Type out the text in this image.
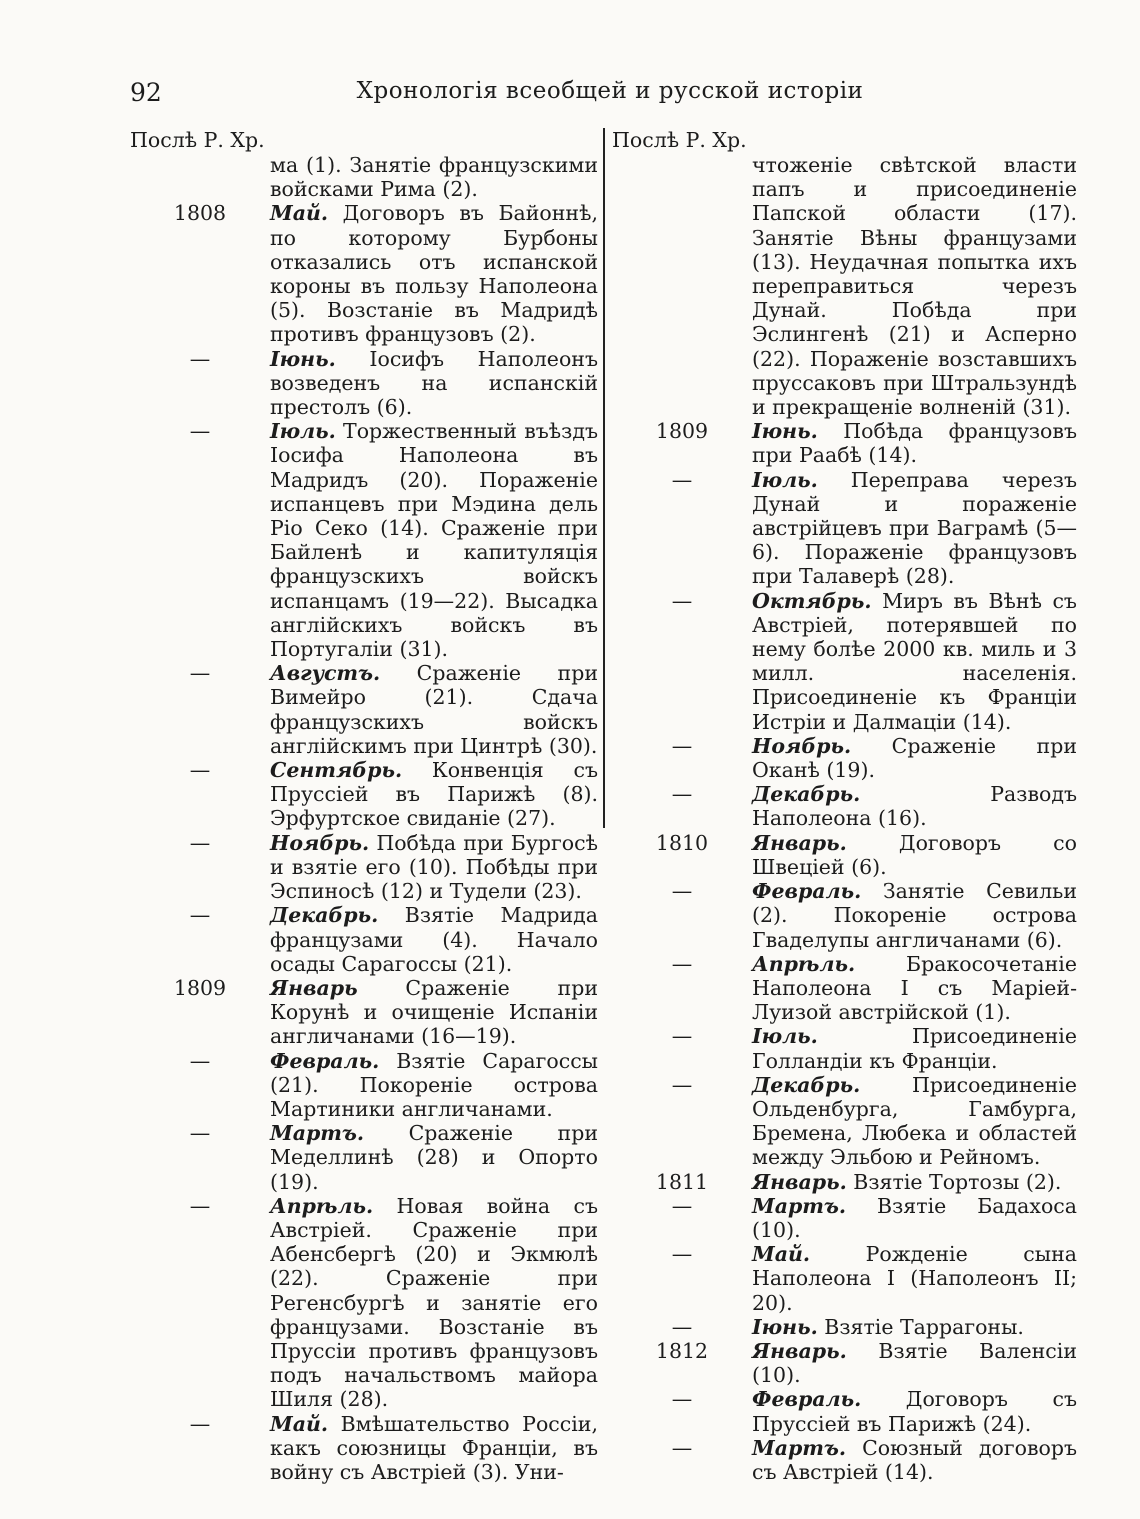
92	Хронологія всеобщей и русской исторіи
Послѣ Р. Хр.

ма (1). Занятіе французскими войсками Рима (2).

1808	Май. Договоръ въ Байоннѣ, по которому Бурбоны отказались отъ испанской короны въ пользу Наполеона (5). Возстаніе въ Мадридѣ противъ французовъ (2).

—	Іюнь. Іосифъ Наполеонъ возведенъ на испанскій престолъ (6).

—	Іюль. Торжественный въѣздъ Іосифа Наполеона въ Мадридъ (20). Пораженіе испанцевъ при Мэдина дель Ріо Секо (14). Сраженіе при Байленѣ и капитуляція французскихъ войскъ испанцамъ (19—22). Высадка англійскихъ войскъ въ Португаліи (31).

—	Августъ. Сраженіе при Вимейро (21). Сдача французскихъ войскъ англійскимъ при Цинтрѣ (30).

—	Сентябрь. Конвенція съ Пруссіей въ Парижѣ (8). Эрфуртское свиданіе (27).

—	Ноябрь. Побѣда при Бургосѣ и взятіе его (10). Побѣды при Эспиносѣ (12) и Тудели (23).

—	Декабрь. Взятіе Мадрида французами (4). Начало осады Сарагоссы (21).

1809	Январь Сраженіе при Корунѣ и очищеніе Испаніи англичанами (16—19).

—	Февраль. Взятіе Сарагоссы (21). Покореніе острова Мартиники англичанами.

—	Мартъ. Сраженіе при Меделлинѣ (28) и Опорто (19).

—	Апрѣль. Новая война съ Австріей. Сраженіе при Абенсбергѣ (20) и Экмюлѣ (22). Сраженіе при Регенсбургѣ и занятіе его французами. Возстаніе въ Пруссіи противъ французовъ подъ начальствомъ майора Шиля (28).

—	Май. Вмѣшательство Россіи, какъ союзницы Франціи, въ войну съ Австріей (3). Уни-

Послѣ Р. Хр.

чтоженіе свѣтской власти папъ и присоединеніе Папской области (17). Занятіе Вѣны французами (13). Неудачная попытка ихъ переправиться черезъ Дунай. Побѣда при Эслингенѣ (21) и Асперно (22). Пораженіе возставшихъ пруссаковъ при Штральзундѣ и прекращеніе волненій (31).

1809	Іюнь. Побѣда французовъ при Раабѣ (14).

—	Іюль. Переправа черезъ Дунай и пораженіе австрійцевъ при Ваграмѣ (5—6). Пораженіе французовъ при Талаверѣ (28).

—	Октябрь. Миръ въ Вѣнѣ съ Австріей, потерявшей по нему болѣе 2000 кв. миль и 3 милл. населенія. Присоединеніе къ Франціи Истріи и Далмаціи (14).

—	Ноябрь. Сраженіе при Оканѣ (19).

—	Декабрь.	Разводъ Наполеона (16).

1810	Январь.	Договоръ со Швеціей (6).

—	Февраль. Занятіе Севильи (2). Покореніе острова Гваделупы англичанами (6).

—	Апрѣль. Бракосочетаніе Наполеона I съ Маріей-Луизой австрійской (1).

—	Іюль.	Присоединеніе Голландіи къ Франціи.

—	Декабрь.	Присоединеніе Ольденбурга, Гамбурга, Бремена, Любека и областей между Эльбою и Рейномъ.

1811	Январь. Взятіе Тортозы (2).

—	Мартъ. Взятіе Бадахоса (10).

—	Май.	Рожденіе сына Наполеона I (Наполеонъ II; 20).

—	Іюнь. Взятіе Таррагоны.

1812	Январь. Взятіе Валенсіи (10).

—	Февраль. Договоръ съ Пруссіей въ Парижѣ (24).

—	Мартъ. Союзный договоръ съ Австріей (14).
